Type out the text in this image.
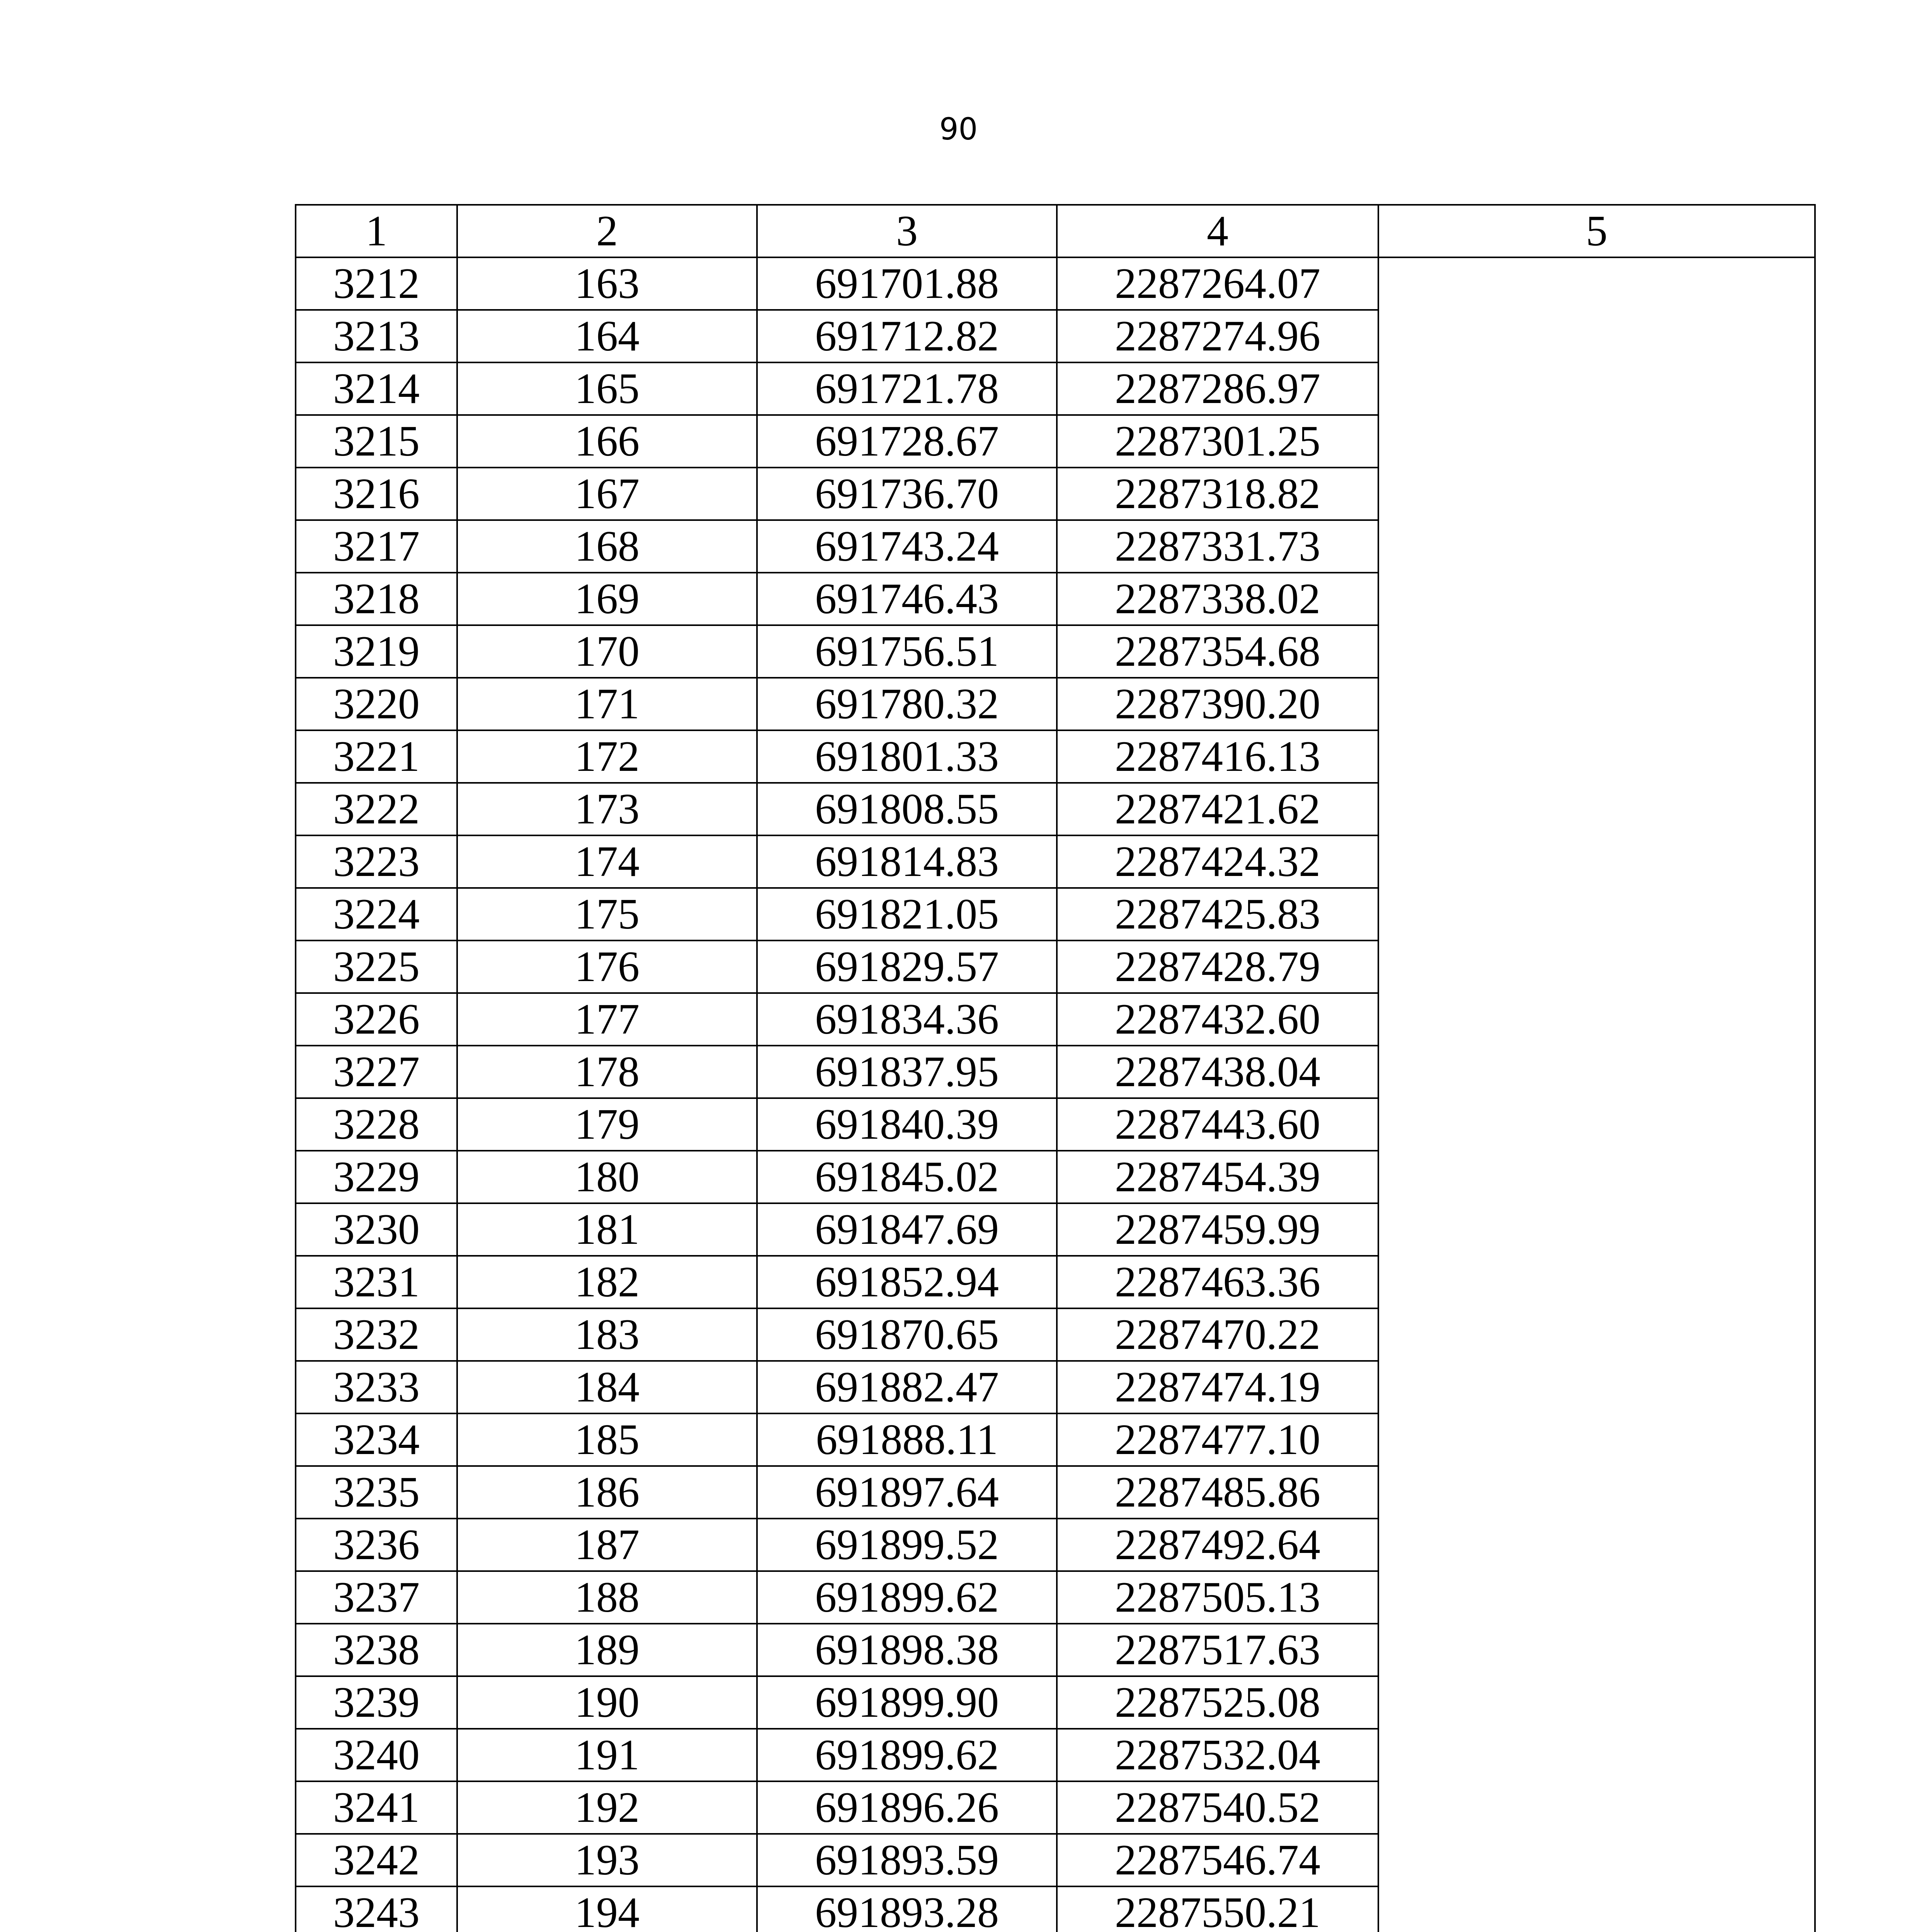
90
1	2	3	4	5
3212	163	691701.88	2287264.07	
3213	164	691712.82	2287274.96	
3214	165	691721.78	2287286.97	
3215	166	691728.67	2287301.25	
3216	167	691736.70	2287318.82	
3217	168	691743.24	2287331.73	
3218	169	691746.43	2287338.02	
3219	170	691756.51	2287354.68	
3220	171	691780.32	2287390.20	
3221	172	691801.33	2287416.13	
3222	173	691808.55	2287421.62	
3223	174	691814.83	2287424.32	
3224	175	691821.05	2287425.83	
3225	176	691829.57	2287428.79	
3226	177	691834.36	2287432.60	
3227	178	691837.95	2287438.04	
3228	179	691840.39	2287443.60	
3229	180	691845.02	2287454.39	
3230	181	691847.69	2287459.99	
3231	182	691852.94	2287463.36	
3232	183	691870.65	2287470.22	
3233	184	691882.47	2287474.19	
3234	185	691888.11	2287477.10	
3235	186	691897.64	2287485.86	
3236	187	691899.52	2287492.64	
3237	188	691899.62	2287505.13	
3238	189	691898.38	2287517.63	
3239	190	691899.90	2287525.08	
3240	191	691899.62	2287532.04	
3241	192	691896.26	2287540.52	
3242	193	691893.59	2287546.74	
3243	194	691893.28	2287550.21	
